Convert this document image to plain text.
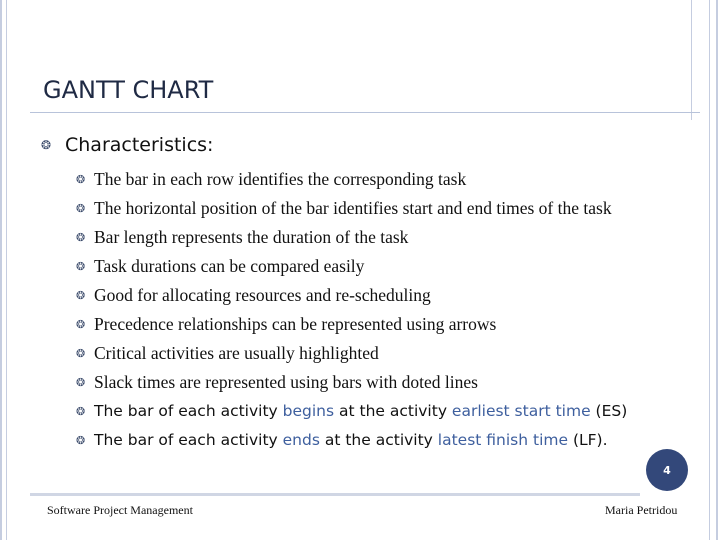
GANTT CHART
❂ Characteristics:
❂ The bar in each row identifies the corresponding task
❂ The horizontal position of the bar identifies start and end times of the task
❂ Bar length represents the duration of the task
❂ Task durations can be compared easily
❂ Good for allocating resources and re-scheduling
❂ Precedence relationships can be represented using arrows
❂ Critical activities are usually highlighted
❂ Slack times are represented using bars with doted lines
❂ The bar of each activity begins at the activity earliest start time (ES)
❂ The bar of each activity ends at the activity latest finish time (LF).
4
Software Project Management	Maria Petridou
